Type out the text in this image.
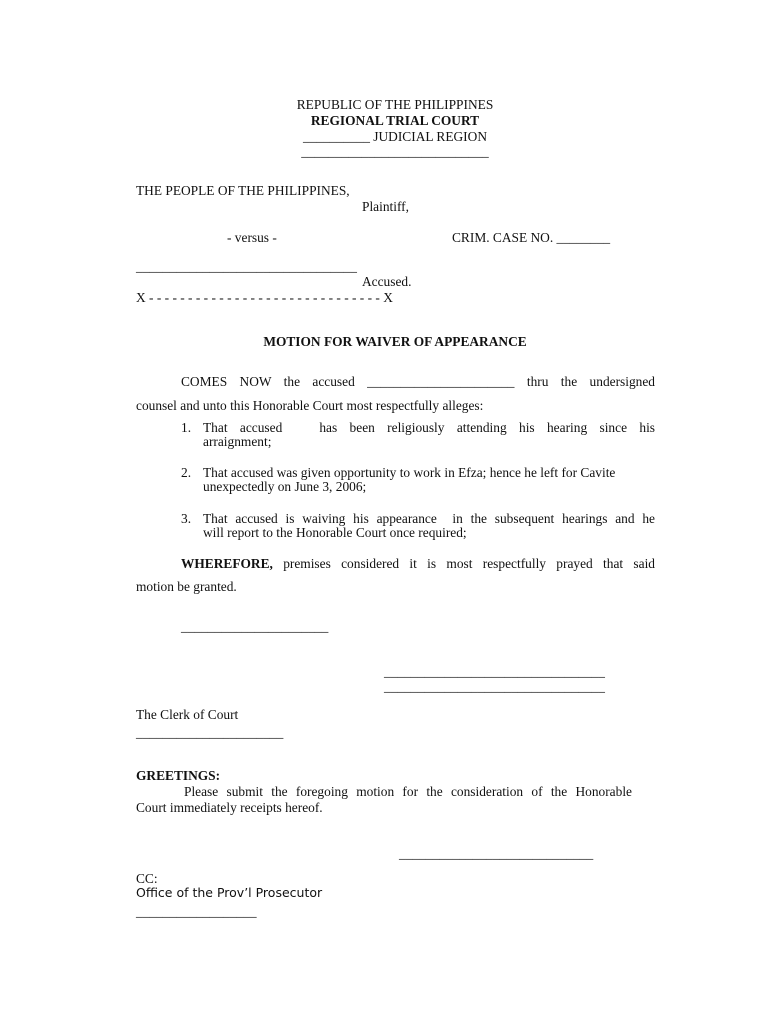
REPUBLIC OF THE PHILIPPINES
REGIONAL TRIAL COURT
__________ JUDICIAL REGION
____________________________
THE PEOPLE OF THE PHILIPPINES,
Plaintiff,
- versus -	CRIM. CASE NO. ________
_________________________________
Accused.
X - - - - - - - - - - - - - - - - - - - - - - - - - - - - - - X
MOTION FOR WAIVER OF APPEARANCE
COMES NOW the accused ______________________ thru the undersigned
counsel and unto this Honorable Court most respectfully alleges:
1. That accused   has been religiously attending his hearing since his
arraignment;
2. That accused was given opportunity to work in Efza; hence he left for Cavite
unexpectedly on June 3, 2006;
3. That accused is waiving his appearance  in the subsequent hearings and he
will report to the Honorable Court once required;
WHEREFORE, premises considered it is most respectfully prayed that said
motion be granted.
______________________
_________________________________
_________________________________
The Clerk of Court
______________________
GREETINGS:
Please submit the foregoing motion for the consideration of the Honorable
Court immediately receipts hereof.
_____________________________
CC:
Office of the Prov’l Prosecutor
__________________
